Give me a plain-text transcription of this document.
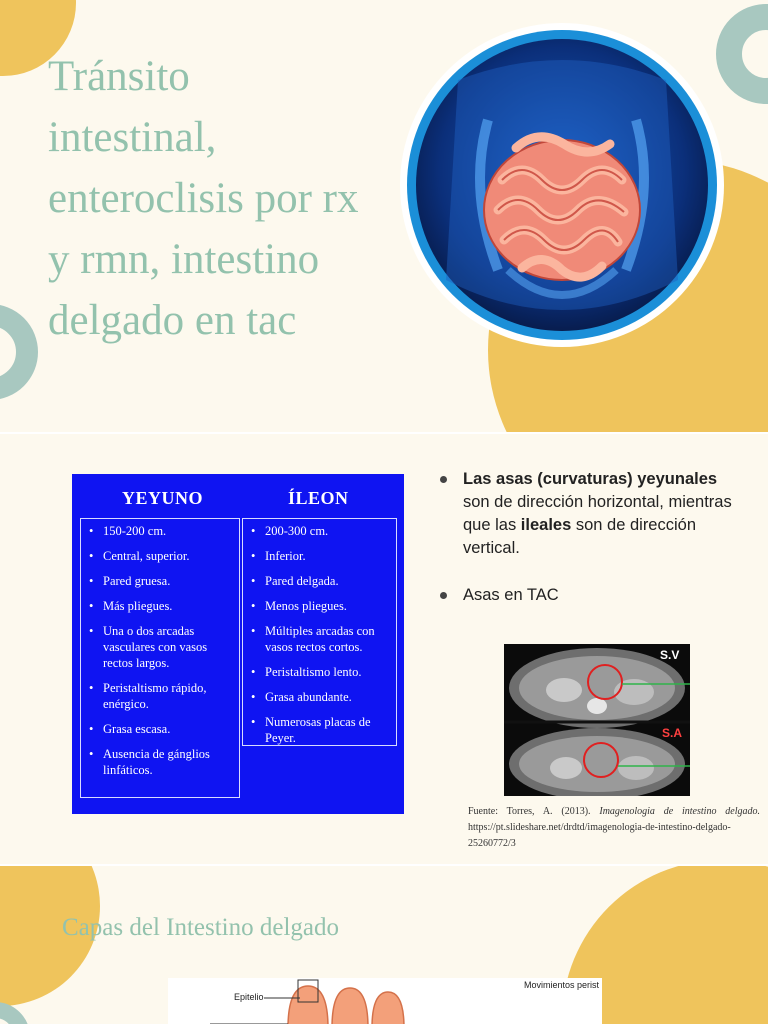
Tránsito
intestinal,
enteroclisis por rx
y rmn, intestino
delgado en tac
YEYUNO	ÍLEON
• 150-200 cm.
• Central, superior.
• Pared gruesa.
• Más pliegues.
• Una o dos arcadas vasculares con vasos rectos largos.
• Peristaltismo rápido, enérgico.
• Grasa escasa.
• Ausencia de gánglios linfáticos.
• 200-300 cm.
• Inferior.
• Pared delgada.
• Menos pliegues.
• Múltiples arcadas con vasos rectos cortos.
• Peristaltismo lento.
• Grasa abundante.
• Numerosas placas de Peyer.
Las asas (curvaturas) yeyunales son de dirección horizontal, mientras que las ileales son de dirección vertical.
Asas en TAC
S.V
S.A
Fuente: Torres, A. (2013). Imagenologia de intestino delgado. https://pt.slideshare.net/drdtd/imagenologia-de-intestino-delgado-25260772/3
Capas del Intestino delgado
Epitelio
Movimientos perist
